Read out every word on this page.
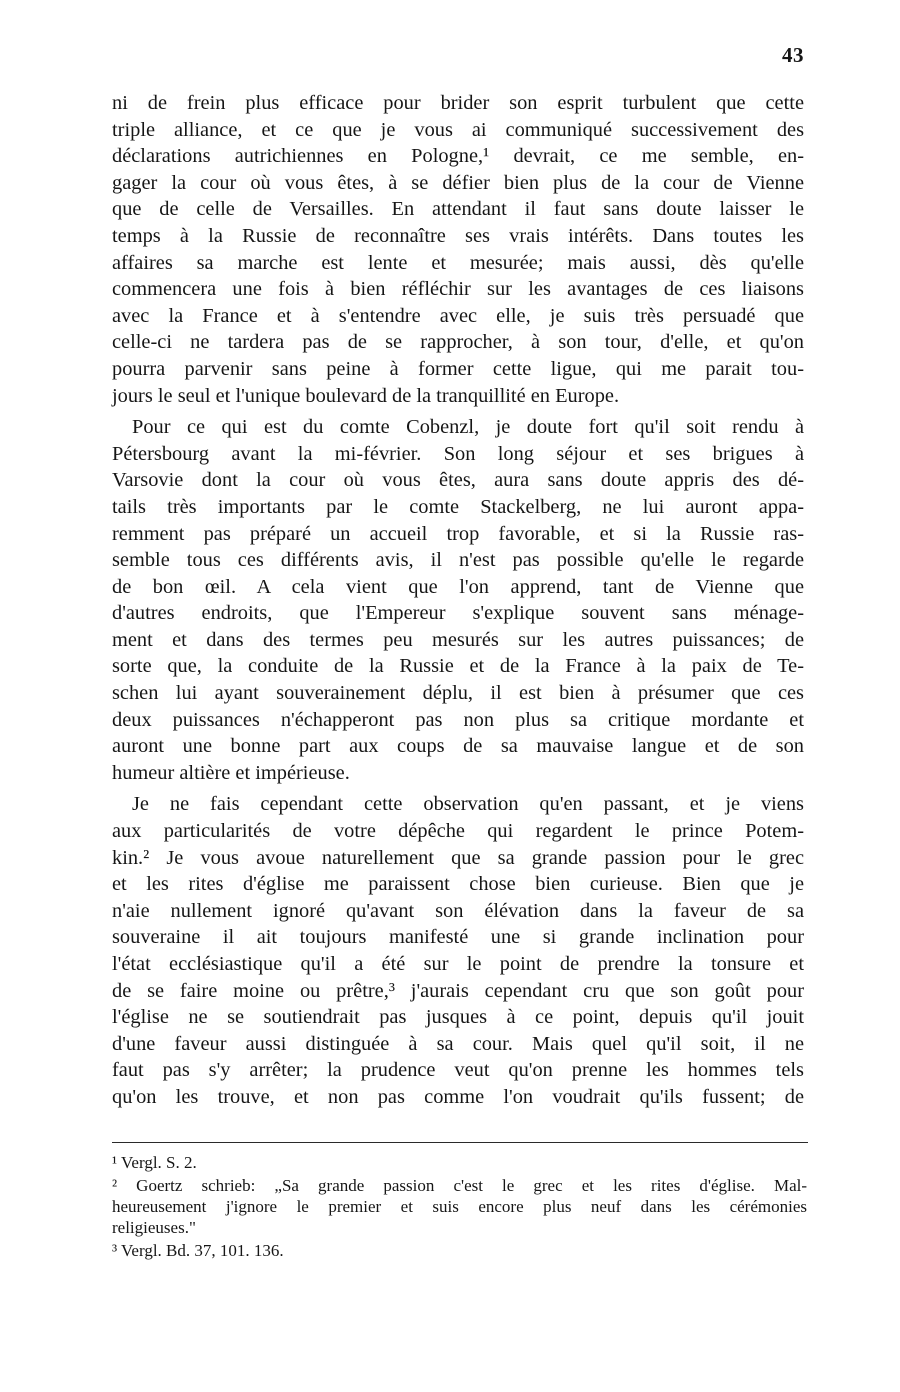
43
ni de frein plus efficace pour brider son esprit turbulent que cette
triple alliance, et ce que je vous ai communiqué successivement des
déclarations autrichiennes en Pologne,¹ devrait, ce me semble, en-
gager la cour où vous êtes, à se défier bien plus de la cour de Vienne
que de celle de Versailles. En attendant il faut sans doute laisser le
temps à la Russie de reconnaître ses vrais intérêts. Dans toutes les
affaires sa marche est lente et mesurée; mais aussi, dès qu'elle
commencera une fois à bien réfléchir sur les avantages de ces liaisons
avec la France et à s'entendre avec elle, je suis très persuadé que
celle-ci ne tardera pas de se rapprocher, à son tour, d'elle, et qu'on
pourra parvenir sans peine à former cette ligue, qui me parait tou-
jours le seul et l'unique boulevard de la tranquillité en Europe.
Pour ce qui est du comte Cobenzl, je doute fort qu'il soit rendu à
Pétersbourg avant la mi-février. Son long séjour et ses brigues à
Varsovie dont la cour où vous êtes, aura sans doute appris des dé-
tails très importants par le comte Stackelberg, ne lui auront appa-
remment pas préparé un accueil trop favorable, et si la Russie ras-
semble tous ces différents avis, il n'est pas possible qu'elle le regarde
de bon œil. A cela vient que l'on apprend, tant de Vienne que
d'autres endroits, que l'Empereur s'explique souvent sans ménage-
ment et dans des termes peu mesurés sur les autres puissances; de
sorte que, la conduite de la Russie et de la France à la paix de Te-
schen lui ayant souverainement déplu, il est bien à présumer que ces
deux puissances n'échapperont pas non plus sa critique mordante et
auront une bonne part aux coups de sa mauvaise langue et de son
humeur altière et impérieuse.
Je ne fais cependant cette observation qu'en passant, et je viens
aux particularités de votre dépêche qui regardent le prince Potem-
kin.² Je vous avoue naturellement que sa grande passion pour le grec
et les rites d'église me paraissent chose bien curieuse. Bien que je
n'aie nullement ignoré qu'avant son élévation dans la faveur de sa
souveraine il ait toujours manifesté une si grande inclination pour
l'état ecclésiastique qu'il a été sur le point de prendre la tonsure et
de se faire moine ou prêtre,³ j'aurais cependant cru que son goût pour
l'église ne se soutiendrait pas jusques à ce point, depuis qu'il jouit
d'une faveur aussi distinguée à sa cour. Mais quel qu'il soit, il ne
faut pas s'y arrêter; la prudence veut qu'on prenne les hommes tels
qu'on les trouve, et non pas comme l'on voudrait qu'ils fussent; de
¹ Vergl. S. 2.
² Goertz schrieb: „Sa grande passion c'est le grec et les rites d'église. Mal-
heureusement j'ignore le premier et suis encore plus neuf dans les cérémonies
religieuses."
³ Vergl. Bd. 37, 101. 136.
